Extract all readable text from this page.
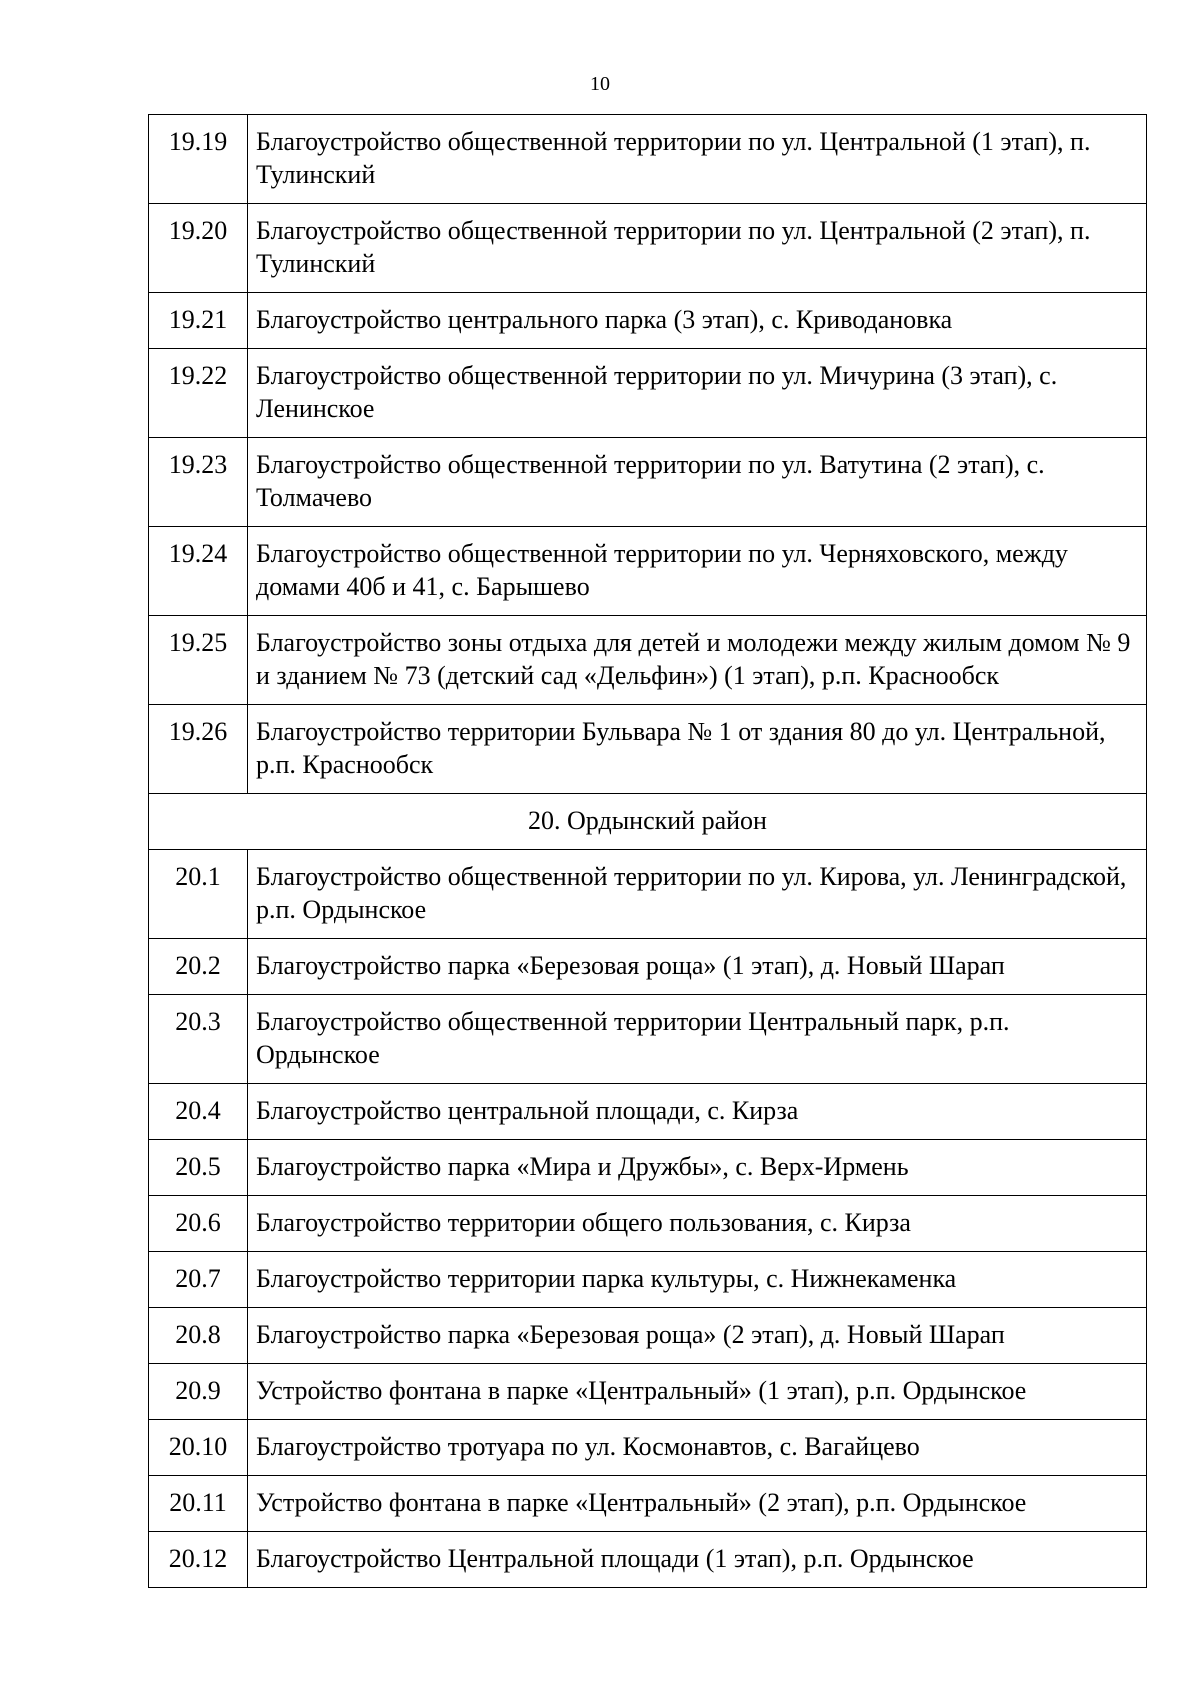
10
19.19	Благоустройство общественной территории по ул. Центральной (1 этап), п. Тулинский
19.20	Благоустройство общественной территории по ул. Центральной (2 этап), п. Тулинский
19.21	Благоустройство центрального парка (3 этап), с. Криводановка
19.22	Благоустройство общественной территории по ул. Мичурина (3 этап), с. Ленинское
19.23	Благоустройство общественной территории по ул. Ватутина (2 этап), с. Толмачево
19.24	Благоустройство общественной территории по ул. Черняховского, между домами 40б и 41, с. Барышево
19.25	Благоустройство зоны отдыха для детей и молодежи между жилым домом № 9 и зданием № 73 (детский сад «Дельфин») (1 этап), р.п. Краснообск
19.26	Благоустройство территории Бульвара № 1 от здания 80 до ул. Центральной, р.п. Краснообск
20. Ордынский район	
20.1	Благоустройство общественной территории по ул. Кирова, ул. Ленинградской, р.п. Ордынское
20.2	Благоустройство парка «Березовая роща» (1 этап), д. Новый Шарап
20.3	Благоустройство общественной территории Центральный парк, р.п. Ордынское
20.4	Благоустройство центральной площади, с. Кирза
20.5	Благоустройство парка «Мира и Дружбы», с. Верх-Ирмень
20.6	Благоустройство территории общего пользования, с. Кирза
20.7	Благоустройство территории парка культуры, с. Нижнекаменка
20.8	Благоустройство парка «Березовая роща» (2 этап), д. Новый Шарап
20.9	Устройство фонтана в парке «Центральный» (1 этап), р.п. Ордынское
20.10	Благоустройство тротуара по ул. Космонавтов, с. Вагайцево
20.11	Устройство фонтана в парке «Центральный» (2 этап), р.п. Ордынское
20.12	Благоустройство Центральной площади (1 этап), р.п. Ордынское
